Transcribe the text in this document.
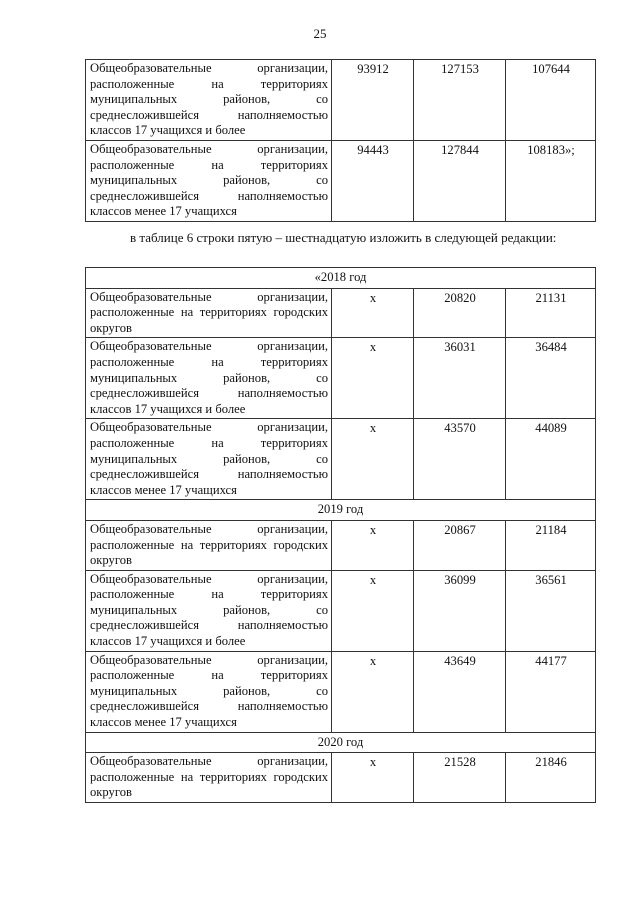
25
Общеобразовательные организации, расположенные на территориях муниципальных районов, со среднесложившейся наполняемостью классов 17 учащихся и более	93912	127153	107644
Общеобразовательные организации, расположенные на территориях муниципальных районов, со среднесложившейся наполняемостью классов менее 17 учащихся	94443	127844	108183»;
в таблице 6 строки пятую – шестнадцатую изложить в следующей редакции:
«2018 год			
Общеобразовательные организации, расположенные на территориях городских округов	х	20820	21131
Общеобразовательные организации, расположенные на территориях муниципальных районов, со среднесложившейся наполняемостью классов 17 учащихся и более	х	36031	36484
Общеобразовательные организации, расположенные на территориях муниципальных районов, со среднесложившейся наполняемостью классов менее 17 учащихся	х	43570	44089
2019 год			
Общеобразовательные организации, расположенные на территориях городских округов	х	20867	21184
Общеобразовательные организации, расположенные на территориях муниципальных районов, со среднесложившейся наполняемостью классов 17 учащихся и более	х	36099	36561
Общеобразовательные организации, расположенные на территориях муниципальных районов, со среднесложившейся наполняемостью классов менее 17 учащихся	х	43649	44177
2020 год			
Общеобразовательные организации, расположенные на территориях городских округов	х	21528	21846
